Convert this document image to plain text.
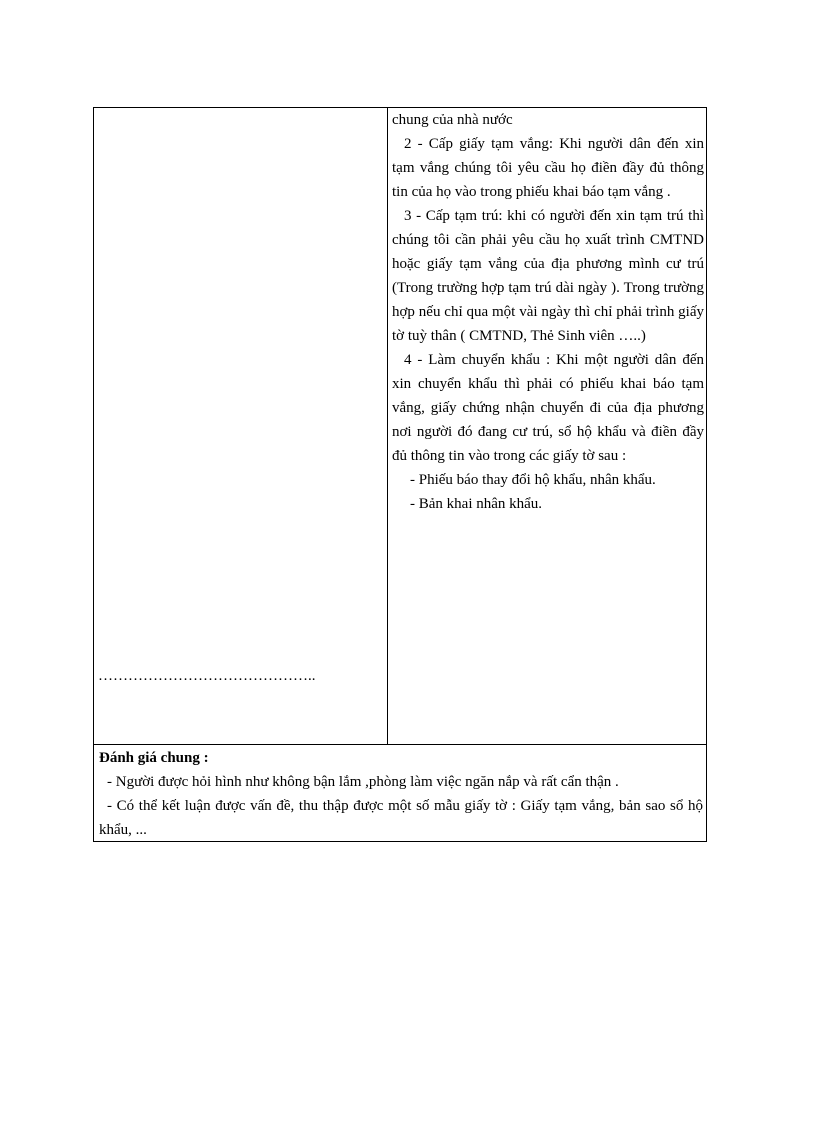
……………………………………..

chung của nhà nước

2 - Cấp giấy tạm vắng: Khi người dân đến xin tạm vắng chúng tôi yêu cầu họ điền đầy đủ thông tin của họ vào trong phiếu khai báo tạm vắng .

3 - Cấp tạm trú: khi có người đến xin tạm trú thì chúng tôi cần phải yêu cầu họ xuất trình CMTND hoặc giấy tạm vắng của địa phương mình cư trú (Trong trường hợp tạm trú dài ngày ). Trong trường hợp nếu chỉ qua một vài ngày thì chỉ phải trình giấy tờ tuỳ thân ( CMTND, Thẻ Sinh viên …..)

4 - Làm chuyển khẩu : Khi một người dân đến xin chuyển khẩu thì phải có phiếu khai báo tạm vắng, giấy chứng nhận chuyển đi của địa phương nơi người đó đang cư trú, sổ hộ khẩu và điền đầy đủ thông tin vào trong các giấy tờ sau :

- Phiếu báo thay đổi hộ khẩu, nhân khẩu.

- Bản khai nhân khẩu.

Đánh giá chung :

- Người được hỏi hình như không bận lắm ,phòng làm việc ngăn nắp và rất cẩn thận .

- Có thể kết luận được vấn đề, thu thập được một số mẫu giấy tờ : Giấy tạm vắng, bản sao sổ hộ khẩu, ...
